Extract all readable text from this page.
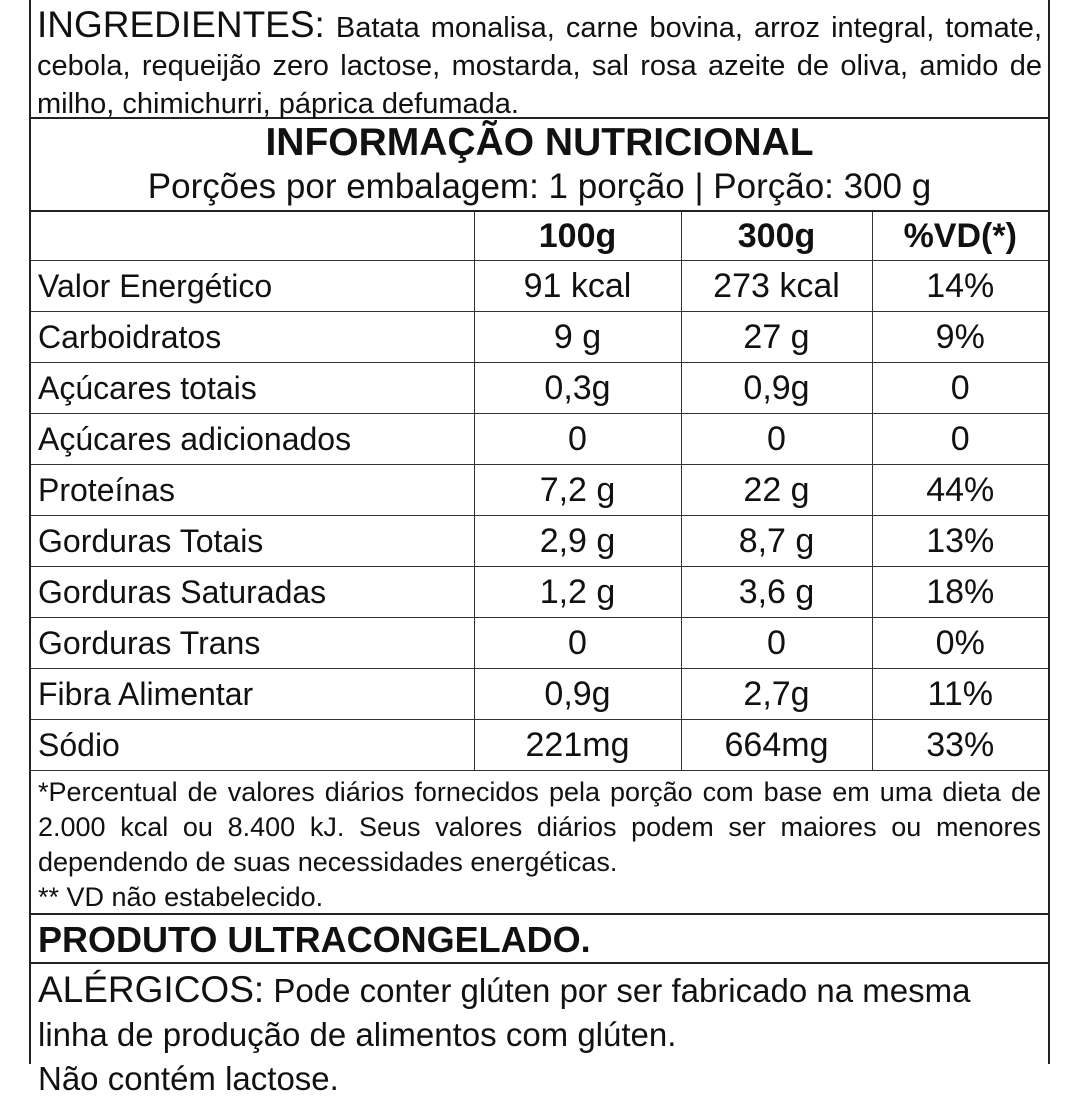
INGREDIENTES: Batata monalisa, carne bovina, arroz integral, tomate, cebola, requeijão zero lactose, mostarda, sal rosa azeite de oliva, amido de milho, chimichurri, páprica defumada.
INFORMAÇÃO NUTRICIONAL
Porções por embalagem: 1 porção | Porção: 300 g
	100g	300g	%VD(*)
Valor Energético	91 kcal	273 kcal	14%
Carboidratos	9 g	27 g	9%
Açúcares totais	0,3g	0,9g	0
Açúcares adicionados	0	0	0
Proteínas	7,2 g	22 g	44%
Gorduras Totais	2,9 g	8,7 g	13%
Gorduras Saturadas	1,2 g	3,6 g	18%
Gorduras Trans	0	0	0%
Fibra Alimentar	0,9g	2,7g	11%
Sódio	221mg	664mg	33%
*Percentual de valores diários fornecidos pela porção com base em uma dieta de 2.000 kcal ou 8.400 kJ. Seus valores diários podem ser maiores ou menores dependendo de suas necessidades energéticas.
** VD não estabelecido.
PRODUTO ULTRACONGELADO.
ALÉRGICOS: Pode conter glúten por ser fabricado na mesma linha de produção de alimentos com glúten.
Não contém lactose.
